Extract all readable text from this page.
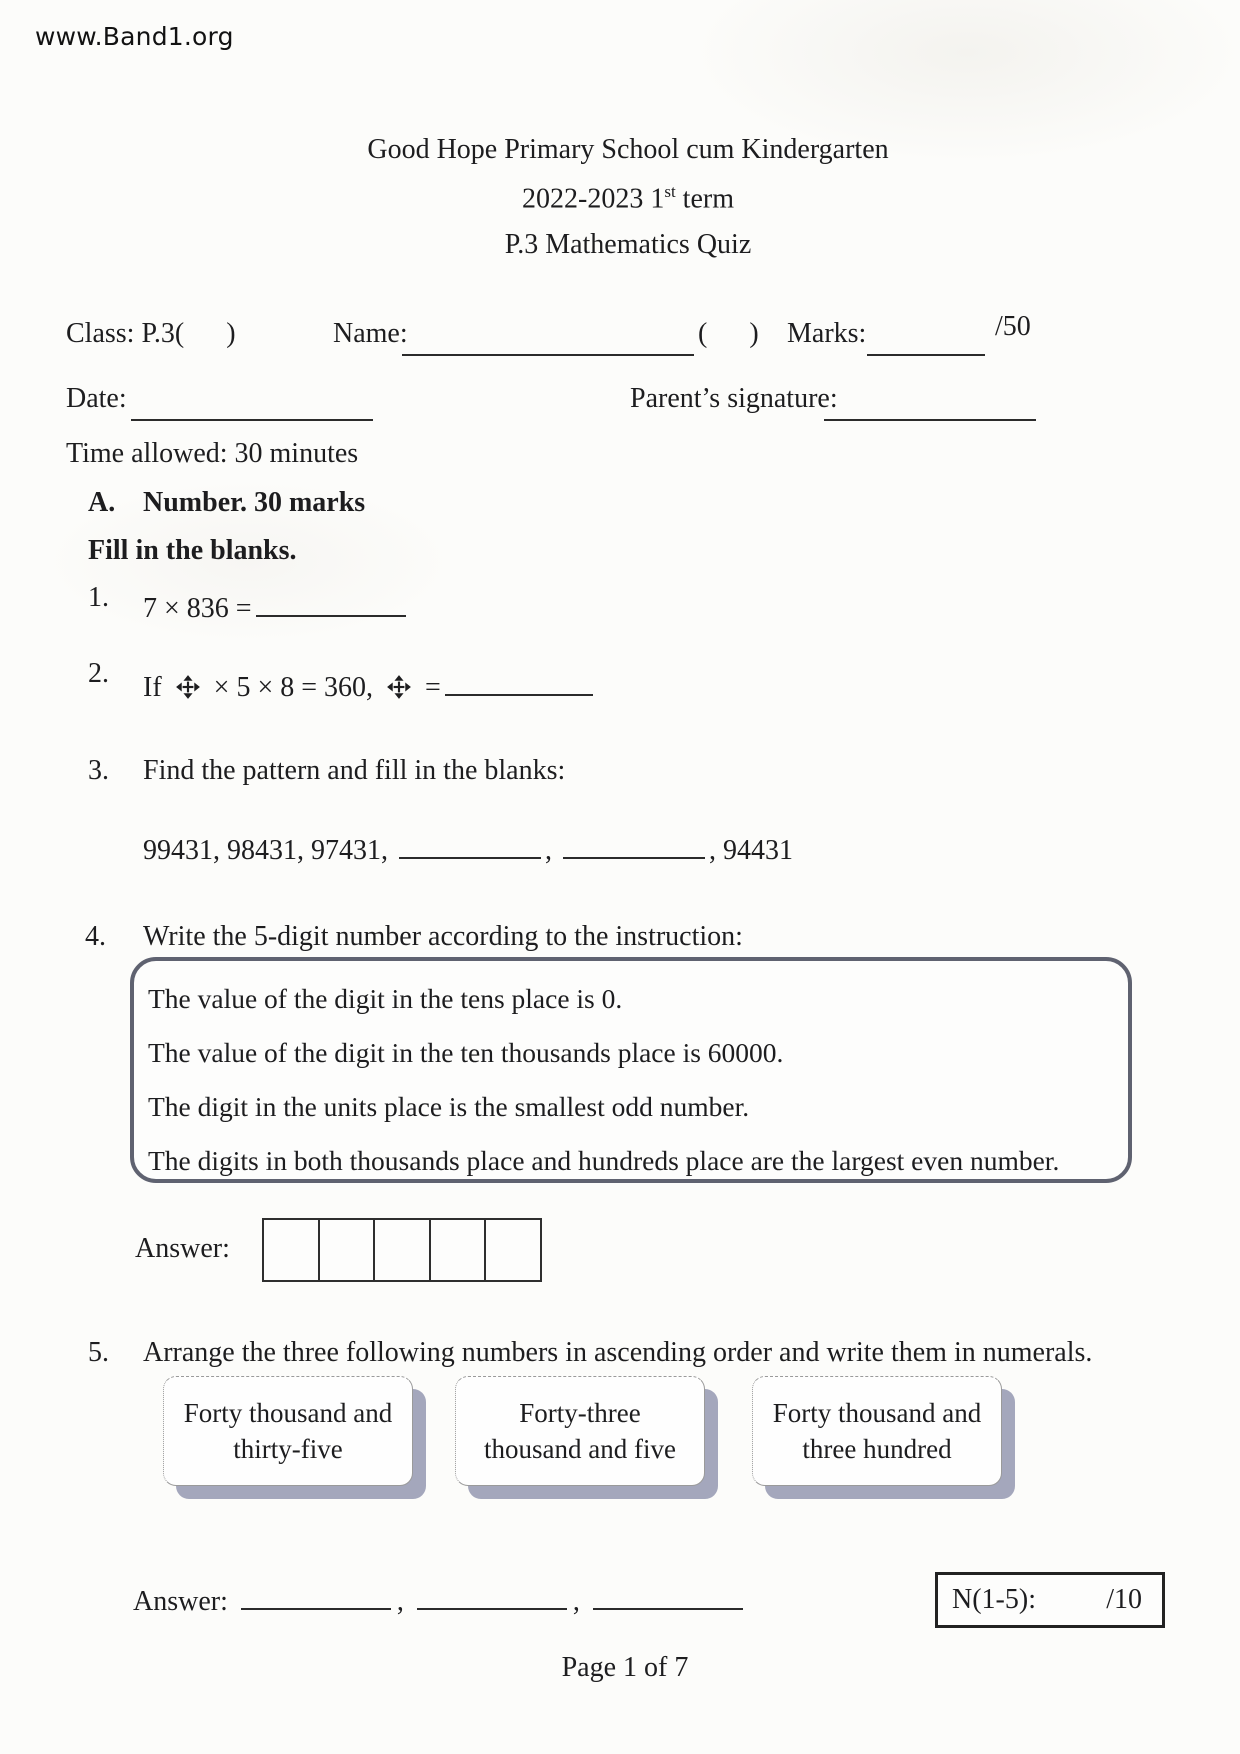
www.Band1.org
Good Hope Primary School cum Kindergarten
2022-2023 1st term
P.3 Mathematics Quiz
Class: P.3(      )	Name:	(      ) Marks:	/50
Date:	Parent’s signature:
Time allowed: 30 minutes
A. Number. 30 marks
Fill in the blanks.
1. 7 × 836 =
2. If × 5 × 8 = 360, =
3. Find the pattern and fill in the blanks:
99431, 98431, 97431,	,	, 94431
4. Write the 5-digit number according to the instruction:
The value of the digit in the tens place is 0.
The value of the digit in the ten thousands place is 60000.
The digit in the units place is the smallest odd number.
The digits in both thousands place and hundreds place are the largest even number.
Answer:
5. Arrange the three following numbers in ascending order and write them in numerals.
Forty thousand and thirty-five
Forty-three thousand and five
Forty thousand and three hundred
Answer:	,	,	N(1-5):	/10
Page 1 of 7
